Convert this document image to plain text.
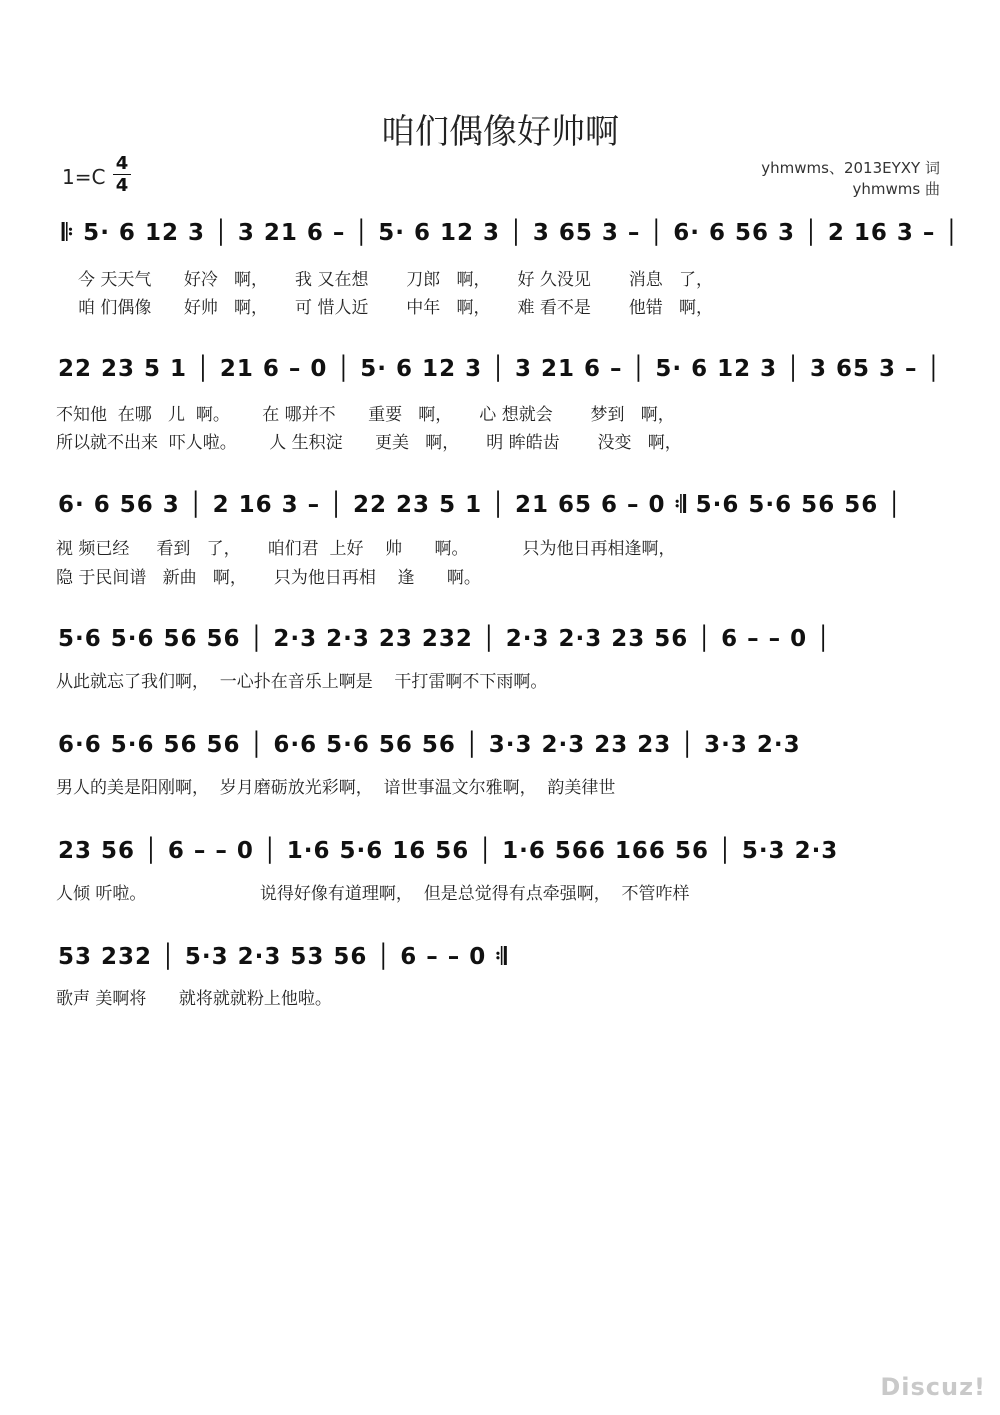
咱们偶像好帅啊
1=C
4
4
yhmwms、2013EYXY 词
yhmwms 曲
𝄆 5· 6 12 3 │ 3 21 6 – │ 5· 6 12 3 │ 3 65 3 – │ 6· 6 56 3 │ 2 16 3 – │
今 天天气      好冷   啊，     我 又在想       刀郎   啊，     好 久没见       消息   了，
咱 们偶像      好帅   啊，     可 惜人近       中年   啊，     难 看不是       他错   啊，
22 23 5 1 │ 21 6 – 0 │ 5· 6 12 3 │ 3 21 6 – │ 5· 6 12 3 │ 3 65 3 – │
不知他  在哪   儿  啊。      在 哪并不      重要   啊，     心 想就会       梦到   啊，
所以就不出来  吓人啦。      人 生积淀      更美   啊，     明 眸皓齿       没变   啊，
6· 6 56 3 │ 2 16 3 – │ 22 23 5 1 │ 21 65 6 – 0 𝄇 5·6 5·6 56 56 │
视 频已经     看到   了，     咱们君  上好    帅      啊。          只为他日再相逢啊，
隐 于民间谱   新曲   啊，     只为他日再相    逢      啊。
5·6 5·6 56 56 │ 2·3 2·3 23 232 │ 2·3 2·3 23 56 │ 6 – – 0 │
从此就忘了我们啊，  一心扑在音乐上啊是    干打雷啊不下雨啊。
6·6 5·6 56 56 │ 6·6 5·6 56 56 │ 3·3 2·3 23 23 │ 3·3 2·3
男人的美是阳刚啊，  岁月磨砺放光彩啊，  谙世事温文尔雅啊，  韵美律世
23 56 │ 6 – – 0 │ 1·6 5·6 16 56 │ 1·6 566 166 56 │ 5·3 2·3
人倾 听啦。                     说得好像有道理啊，  但是总觉得有点牵强啊，  不管咋样
53 232 │ 5·3 2·3 53 56 │ 6 – – 0 𝄇
歌声 美啊将      就将就就粉上他啦。
Discuz!
